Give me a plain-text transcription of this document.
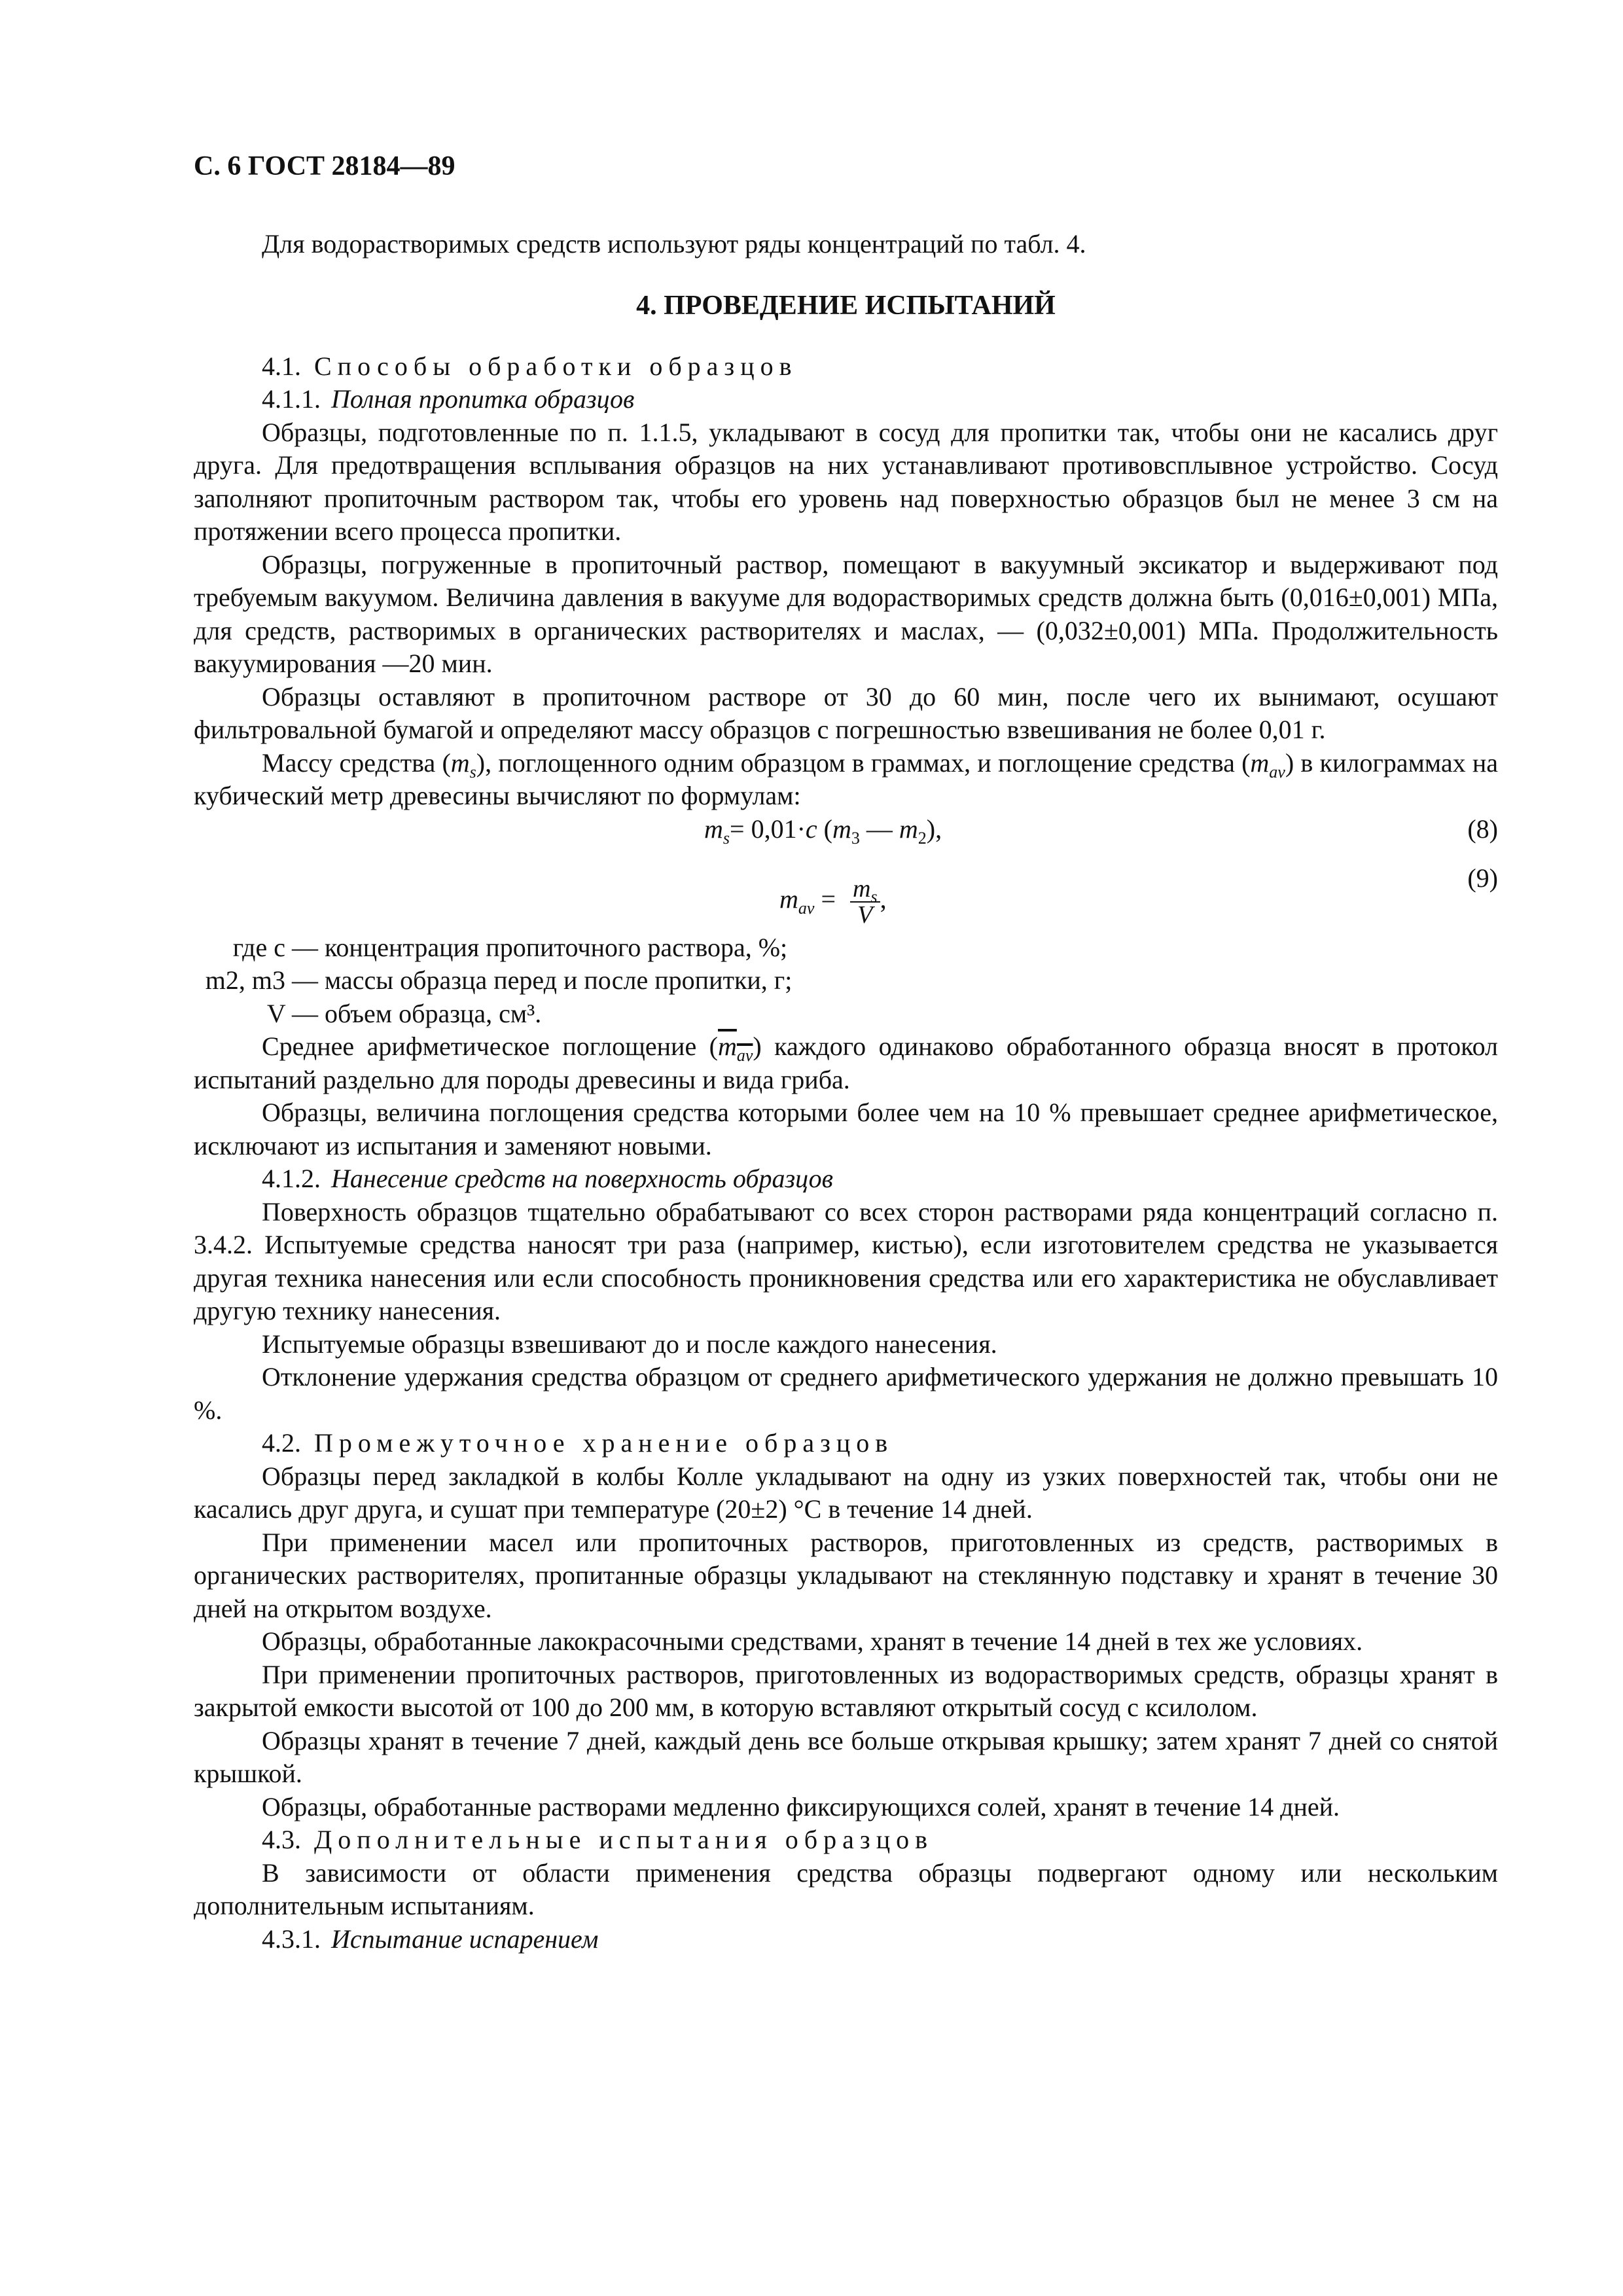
С. 6 ГОСТ 28184—89

Для водорастворимых средств используют ряды концентраций по табл. 4.

4. ПРОВЕДЕНИЕ ИСПЫТАНИЙ

4.1. Способы обработки образцов

4.1.1. Полная пропитка образцов

Образцы, подготовленные по п. 1.1.5, укладывают в сосуд для пропитки так, чтобы они не касались друг друга. Для предотвращения всплывания образцов на них устанавливают противовсплывное устройство. Сосуд заполняют пропиточным раствором так, чтобы его уровень над поверхностью образцов был не менее 3 см на протяжении всего процесса пропитки.

Образцы, погруженные в пропиточный раствор, помещают в вакуумный эксикатор и выдерживают под требуемым вакуумом. Величина давления в вакууме для водорастворимых средств должна быть (0,016±0,001) МПа, для средств, растворимых в органических растворителях и маслах, — (0,032±0,001) МПа. Продолжительность вакуумирования —20 мин.

Образцы оставляют в пропиточном растворе от 30 до 60 мин, после чего их вынимают, осушают фильтровальной бумагой и определяют массу образцов с погрешностью взвешивания не более 0,01 г.

Массу средства $(m_s)$, поглощенного одним образцом в граммах, и поглощение средства $(m_{av})$ в килограммах на кубический метр древесины вычисляют по формулам:

$m_s= 0,01\cdot c$ ($m_3$ — $m_2$),	(8)
$m_{av} = \frac{m_s}{V}$ ,
(9)
где c — концентрация пропиточного раствора, %;
m2, m3 — массы образца перед и после пропитки, г;
V — объем образца, см³.

Среднее арифметическое поглощение $(m_{av})$ каждого одинаково обработанного образца вносят в протокол испытаний раздельно для породы древесины и вида гриба.

Образцы, величина поглощения средства которыми более чем на 10 % превышает среднее арифметическое, исключают из испытания и заменяют новыми.

4.1.2. Нанесение средств на поверхность образцов

Поверхность образцов тщательно обрабатывают со всех сторон растворами ряда концентраций согласно п. 3.4.2. Испытуемые средства наносят три раза (например, кистью), если изготовителем средства не указывается другая техника нанесения или если способность проникновения средства или его характеристика не обуславливает другую технику нанесения.

Испытуемые образцы взвешивают до и после каждого нанесения.

Отклонение удержания средства образцом от среднего арифметического удержания не должно превышать 10 %.

4.2. Промежуточное хранение образцов

Образцы перед закладкой в колбы Колле укладывают на одну из узких поверхностей так, чтобы они не касались друг друга, и сушат при температуре (20±2) °С в течение 14 дней.

При применении масел или пропиточных растворов, приготовленных из средств, растворимых в органических растворителях, пропитанные образцы укладывают на стеклянную подставку и хранят в течение 30 дней на открытом воздухе.

Образцы, обработанные лакокрасочными средствами, хранят в течение 14 дней в тех же условиях.

При применении пропиточных растворов, приготовленных из водорастворимых средств, образцы хранят в закрытой емкости высотой от 100 до 200 мм, в которую вставляют открытый сосуд с ксилолом.

Образцы хранят в течение 7 дней, каждый день все больше открывая крышку; затем хранят 7 дней со снятой крышкой.

Образцы, обработанные растворами медленно фиксирующихся солей, хранят в течение 14 дней.

4.3. Дополнительные испытания образцов

В зависимости от области применения средства образцы подвергают одному или нескольким дополнительным испытаниям.

4.3.1. Испытание испарением
